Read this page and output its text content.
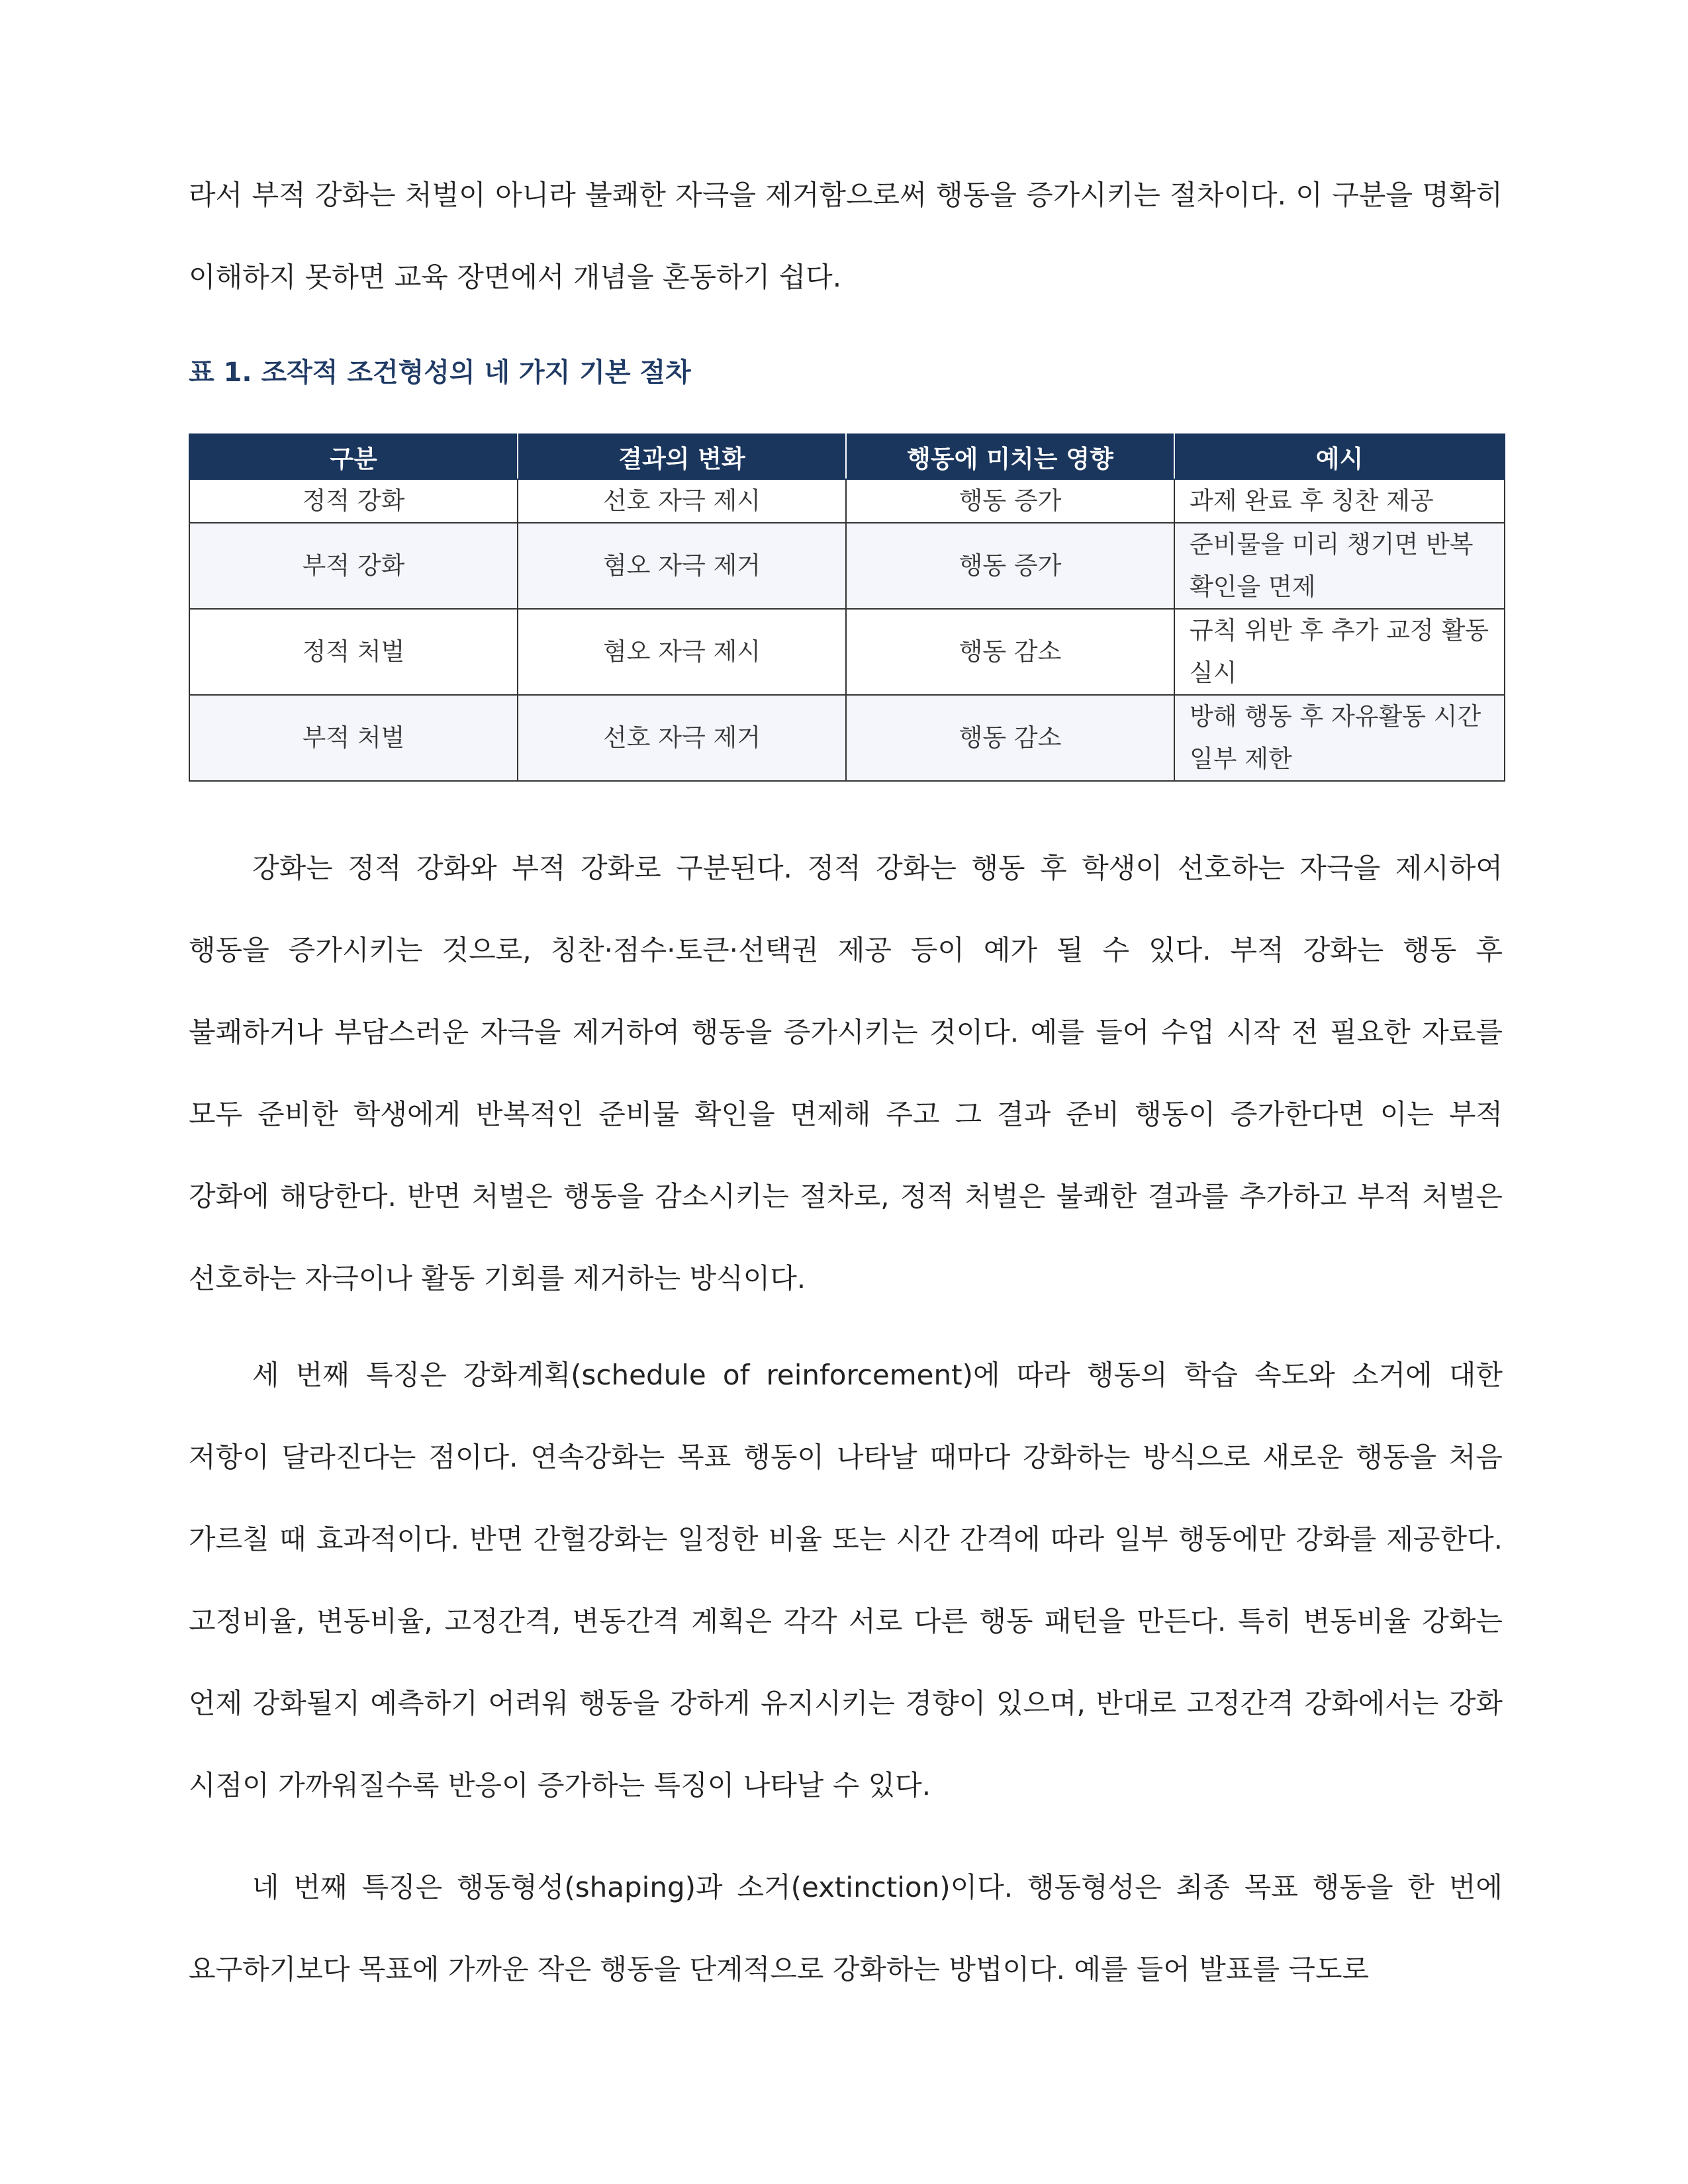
라서 부적 강화는 처벌이 아니라 불쾌한 자극을 제거함으로써 행동을 증가시키는 절차이다. 이 구분을 명확히 이해하지 못하면 교육 장면에서 개념을 혼동하기 쉽다.

표 1. 조작적 조건형성의 네 가지 기본 절차
구분	결과의 변화	행동에 미치는 영향	예시
정적 강화	선호 자극 제시	행동 증가	과제 완료 후 칭찬 제공
부적 강화	혐오 자극 제거	행동 증가	준비물을 미리 챙기면 반복 확인을 면제
정적 처벌	혐오 자극 제시	행동 감소	규칙 위반 후 추가 교정 활동 실시
부적 처벌	선호 자극 제거	행동 감소	방해 행동 후 자유활동 시간 일부 제한

강화는 정적 강화와 부적 강화로 구분된다. 정적 강화는 행동 후 학생이 선호하는 자극을 제시하여 행동을 증가시키는 것으로, 칭찬·점수·토큰·선택권 제공 등이 예가 될 수 있다. 부적 강화는 행동 후 불쾌하거나 부담스러운 자극을 제거하여 행동을 증가시키는 것이다. 예를 들어 수업 시작 전 필요한 자료를 모두 준비한 학생에게 반복적인 준비물 확인을 면제해 주고 그 결과 준비 행동이 증가한다면 이는 부적 강화에 해당한다. 반면 처벌은 행동을 감소시키는 절차로, 정적 처벌은 불쾌한 결과를 추가하고 부적 처벌은 선호하는 자극이나 활동 기회를 제거하는 방식이다.

세 번째 특징은 강화계획(schedule of reinforcement)에 따라 행동의 학습 속도와 소거에 대한 저항이 달라진다는 점이다. 연속강화는 목표 행동이 나타날 때마다 강화하는 방식으로 새로운 행동을 처음 가르칠 때 효과적이다. 반면 간헐강화는 일정한 비율 또는 시간 간격에 따라 일부 행동에만 강화를 제공한다. 고정비율, 변동비율, 고정간격, 변동간격 계획은 각각 서로 다른 행동 패턴을 만든다. 특히 변동비율 강화는 언제 강화될지 예측하기 어려워 행동을 강하게 유지시키는 경향이 있으며, 반대로 고정간격 강화에서는 강화 시점이 가까워질수록 반응이 증가하는 특징이 나타날 수 있다.

네 번째 특징은 행동형성(shaping)과 소거(extinction)이다. 행동형성은 최종 목표 행동을 한 번에 요구하기보다 목표에 가까운 작은 행동을 단계적으로 강화하는 방법이다. 예를 들어 발표를 극도로
